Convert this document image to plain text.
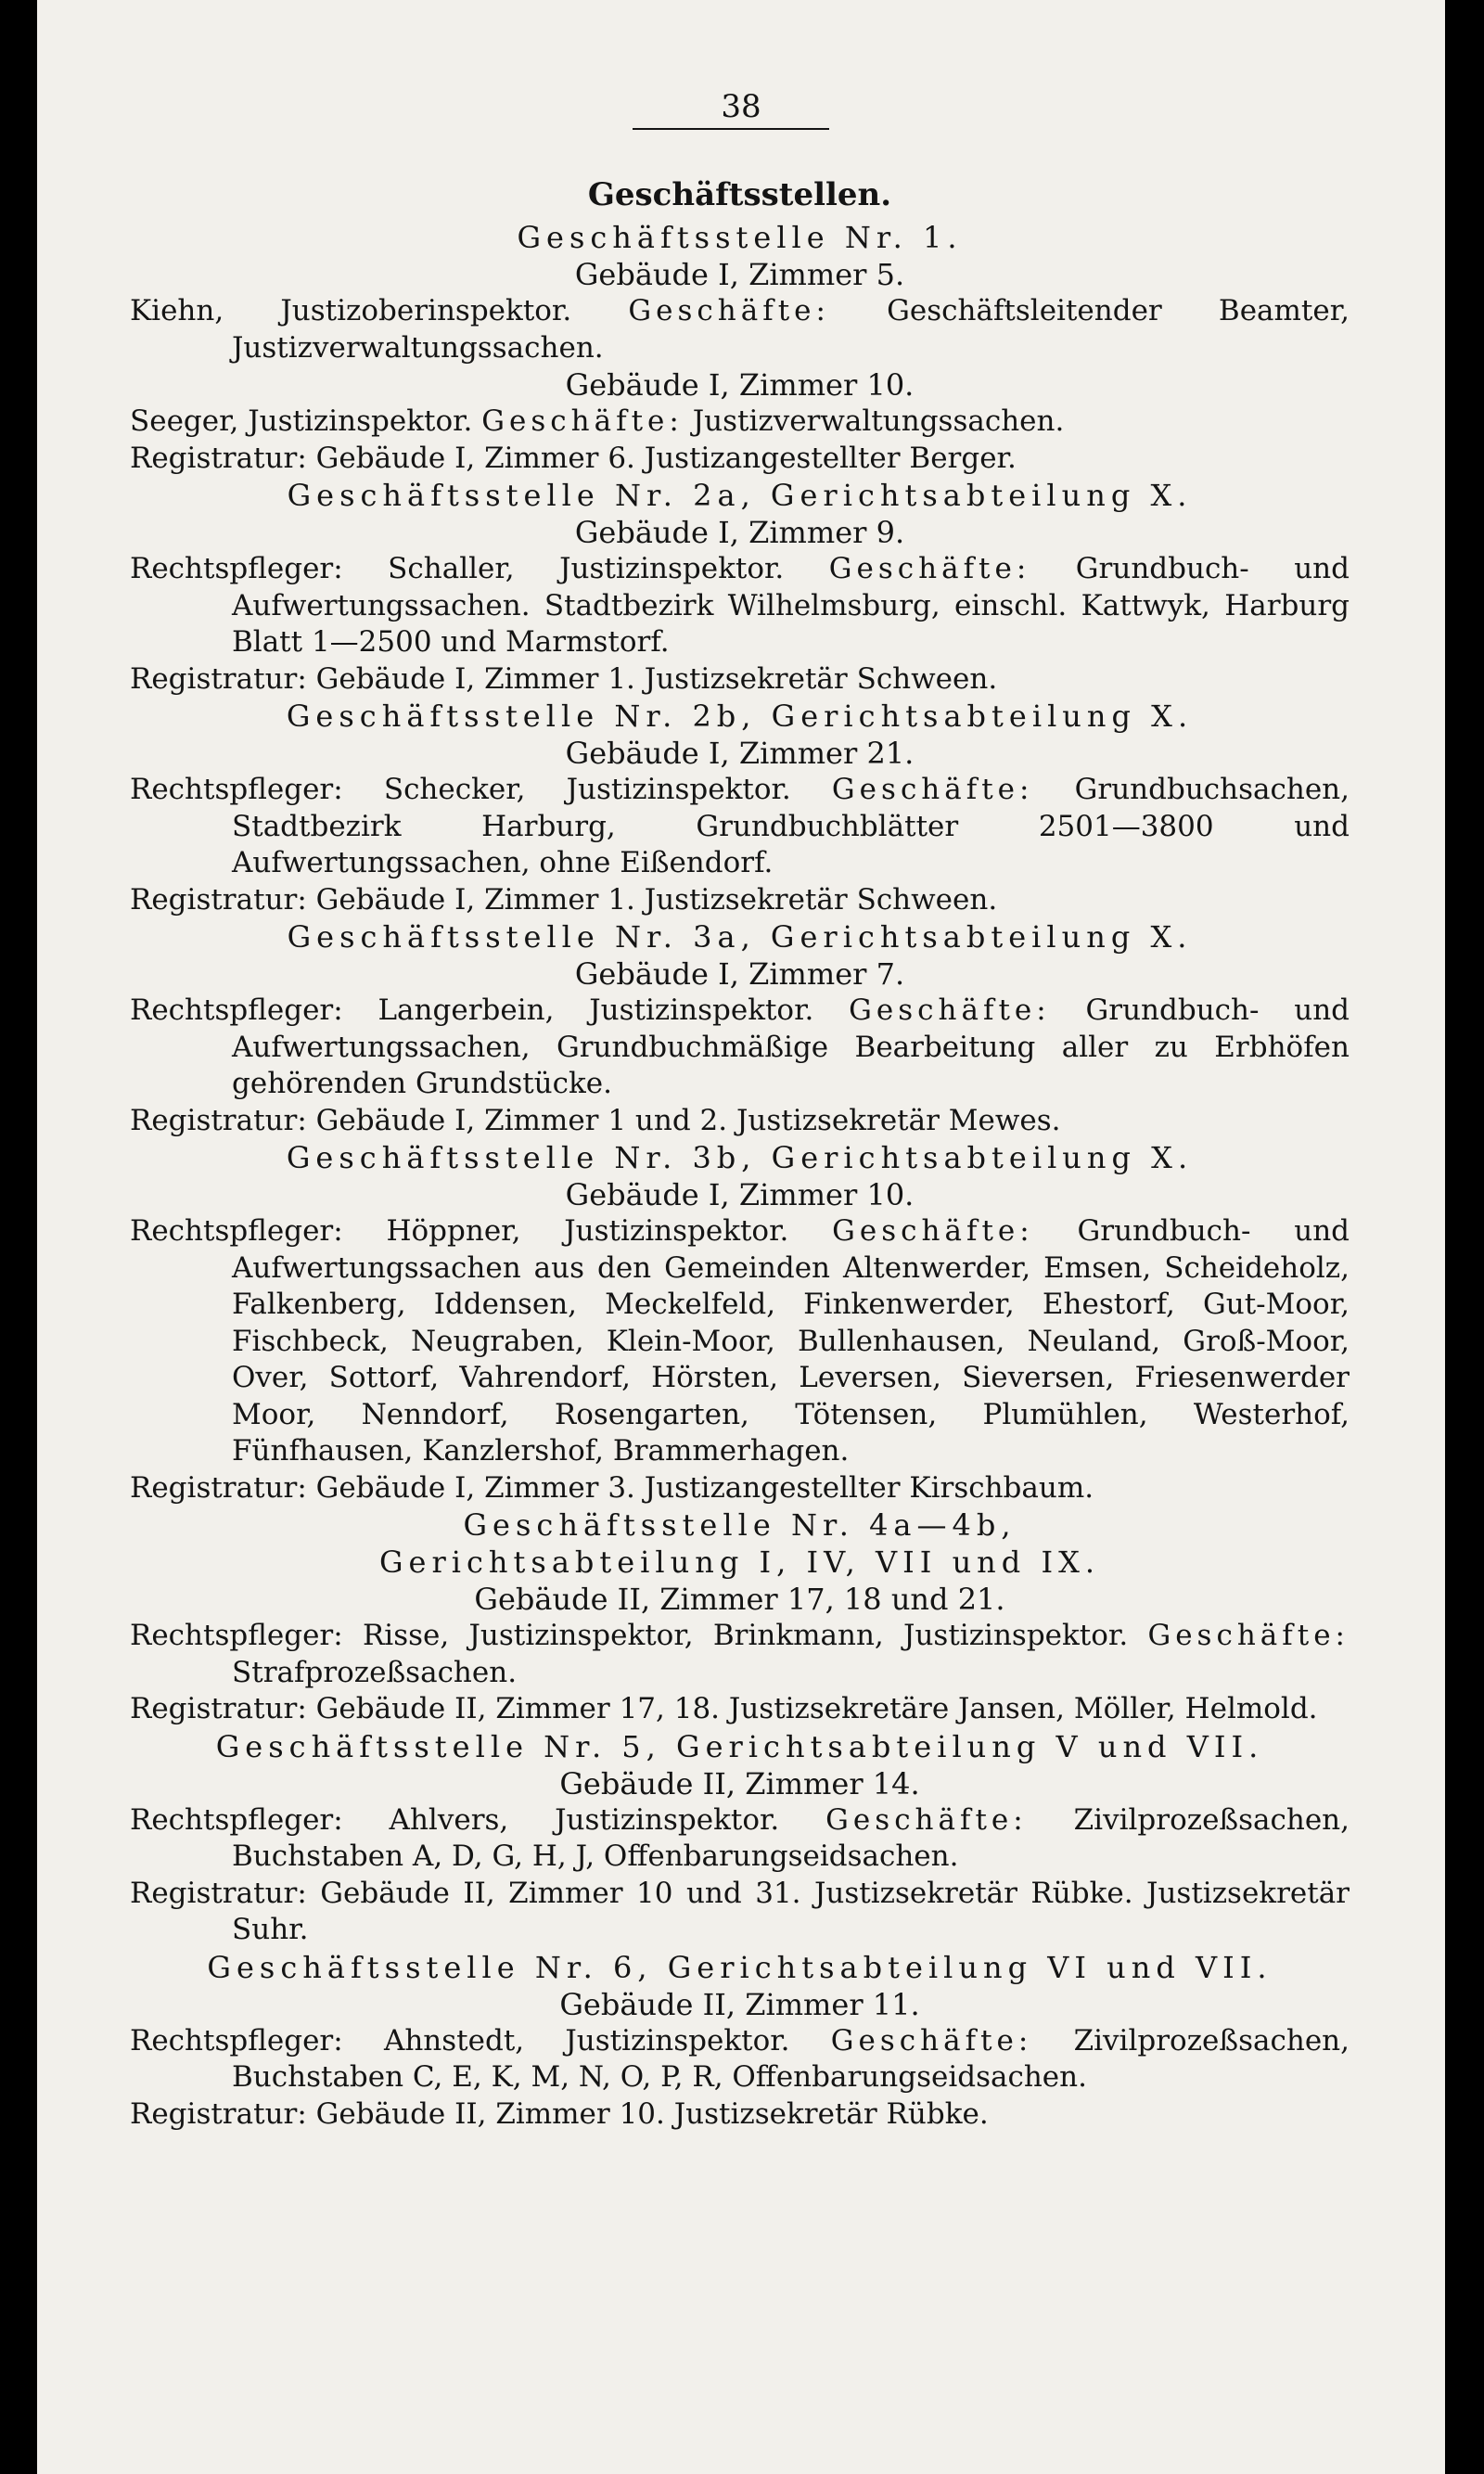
38
Geschäftsstellen.
Geschäftsstelle Nr. 1.
Gebäude I, Zimmer 5.
Kiehn, Justizoberinspektor. Geschäfte: Geschäftsleitender Beamter, Justizverwaltungssachen.
Gebäude I, Zimmer 10.
Seeger, Justizinspektor. Geschäfte: Justizverwaltungssachen.
Registratur: Gebäude I, Zimmer 6. Justizangestellter Berger.
Geschäftsstelle Nr. 2a, Gerichtsabteilung X.
Gebäude I, Zimmer 9.
Rechtspfleger: Schaller, Justizinspektor. Geschäfte: Grundbuch- und Aufwertungssachen. Stadtbezirk Wilhelmsburg, einschl. Kattwyk, Harburg Blatt 1—2500 und Marmstorf.
Registratur: Gebäude I, Zimmer 1. Justizsekretär Schween.
Geschäftsstelle Nr. 2b, Gerichtsabteilung X.
Gebäude I, Zimmer 21.
Rechtspfleger: Schecker, Justizinspektor. Geschäfte: Grundbuchsachen, Stadtbezirk Harburg, Grundbuchblätter 2501—3800 und Aufwertungssachen, ohne Eißendorf.
Registratur: Gebäude I, Zimmer 1. Justizsekretär Schween.
Geschäftsstelle Nr. 3a, Gerichtsabteilung X.
Gebäude I, Zimmer 7.
Rechtspfleger: Langerbein, Justizinspektor. Geschäfte: Grundbuch- und Aufwertungssachen, Grundbuchmäßige Bearbeitung aller zu Erbhöfen gehörenden Grundstücke.
Registratur: Gebäude I, Zimmer 1 und 2. Justizsekretär Mewes.
Geschäftsstelle Nr. 3b, Gerichtsabteilung X.
Gebäude I, Zimmer 10.
Rechtspfleger: Höppner, Justizinspektor. Geschäfte: Grundbuch- und Aufwertungssachen aus den Gemeinden Altenwerder, Emsen, Scheideholz, Falkenberg, Iddensen, Meckelfeld, Finkenwerder, Ehestorf, Gut-Moor, Fischbeck, Neugraben, Klein-Moor, Bullenhausen, Neuland, Groß-Moor, Over, Sottorf, Vahrendorf, Hörsten, Leversen, Sieversen, Friesenwerder Moor, Nenndorf, Rosengarten, Tötensen, Plumühlen, Westerhof, Fünfhausen, Kanzlershof, Brammerhagen.
Registratur: Gebäude I, Zimmer 3. Justizangestellter Kirschbaum.
Geschäftsstelle Nr. 4a—4b,
Gerichtsabteilung I, IV, VII und IX.
Gebäude II, Zimmer 17, 18 und 21.
Rechtspfleger: Risse, Justizinspektor, Brinkmann, Justizinspektor. Geschäfte: Strafprozeßsachen.
Registratur: Gebäude II, Zimmer 17, 18. Justizsekretäre Jansen, Möller, Helmold.
Geschäftsstelle Nr. 5, Gerichtsabteilung V und VII.
Gebäude II, Zimmer 14.
Rechtspfleger: Ahlvers, Justizinspektor. Geschäfte: Zivilprozeßsachen, Buchstaben A, D, G, H, J, Offenbarungseidsachen.
Registratur: Gebäude II, Zimmer 10 und 31. Justizsekretär Rübke. Justizsekretär Suhr.
Geschäftsstelle Nr. 6, Gerichtsabteilung VI und VII.
Gebäude II, Zimmer 11.
Rechtspfleger: Ahnstedt, Justizinspektor. Geschäfte: Zivilprozeßsachen, Buchstaben C, E, K, M, N, O, P, R, Offenbarungseidsachen.
Registratur: Gebäude II, Zimmer 10. Justizsekretär Rübke.
